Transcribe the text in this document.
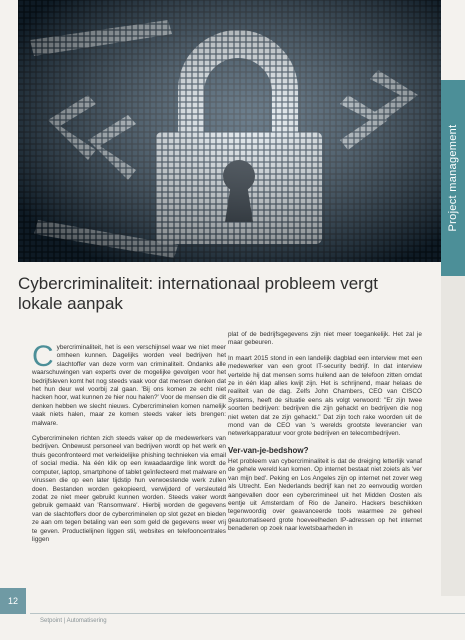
Project management
Cybercriminaliteit: internationaal probleem vergt lokale aanpak

Cybercriminaliteit, het is een verschijnsel waar we niet meer omheen kunnen. Dagelijks worden veel bedrijven het slachtoffer van deze vorm van criminaliteit. Ondanks alle waarschuwingen van experts over de mogelijke gevolgen voor het bedrijfsleven komt het nog steeds vaak voor dat mensen denken dat het hun deur wel voorbij zal gaan. 'Bij ons komen ze echt niet hacken hoor, wat kunnen ze hier nou halen?' Voor de mensen die dit denken hebben we slecht nieuws. Cybercriminelen komen namelijk vaak niets halen, maar ze komen steeds vaker iets brengen: malware.

Cybercriminelen richten zich steeds vaker op de medewerkers van bedrijven. Onbewust personeel van bedrijven wordt op het werk en thuis geconfronteerd met verleidelijke phishing technieken via email of social media. Na één klik op een kwaadaardige link wordt de computer, laptop, smartphone of tablet geïnfecteerd met malware en virussen die op een later tijdstip hun verwoestende werk zullen doen. Bestanden worden gekopieerd, verwijderd of versleuteld zodat ze niet meer gebruikt kunnen worden. Steeds vaker wordt gebruik gemaakt van 'Ransomware'. Hierbij worden de gegevens van de slachtoffers door de cybercriminelen op slot gezet en bieden ze aan om tegen betaling van een som geld de gegevens weer vrij te geven. Productielijnen liggen stil, websites en telefooncentrales liggen

plat of de bedrijfsgegevens zijn niet meer toegankelijk. Het zal je maar gebeuren.

In maart 2015 stond in een landelijk dagblad een interview met een medewerker van een groot IT-security bedrijf. In dat interview vertelde hij dat mensen soms huilend aan de telefoon zitten omdat ze in één klap alles kwijt zijn. Het is schrijnend, maar helaas de realiteit van de dag. Zelfs John Chambers, CEO van CISCO Systems, heeft de situatie eens als volgt verwoord: "Er zijn twee soorten bedrijven: bedrijven die zijn gehackt en bedrijven die nog niet weten dat ze zijn gehackt." Dat zijn toch rake woorden uit de mond van de CEO van 's werelds grootste leverancier van netwerkapparatuur voor grote bedrijven en telecombedrijven.

Ver-van-je-bedshow?

Het probleem van cybercriminaliteit is dat de dreiging letterlijk vanaf de gehele wereld kan komen. Op internet bestaat niet zoiets als 'ver van mijn bed'. Peking en Los Angeles zijn op internet net zover weg als Utrecht. Een Nederlands bedrijf kan net zo eenvoudig worden aangevallen door een cybercrimineel uit het Midden Oosten als eentje uit Amsterdam of Rio de Janeiro. Hackers beschikken tegenwoordig over geavanceerde tools waarmee ze geheel geautomatiseerd grote hoeveelheden IP-adressen op het internet benaderen op zoek naar kwetsbaarheden in

12
Setpoint | Automatisering
